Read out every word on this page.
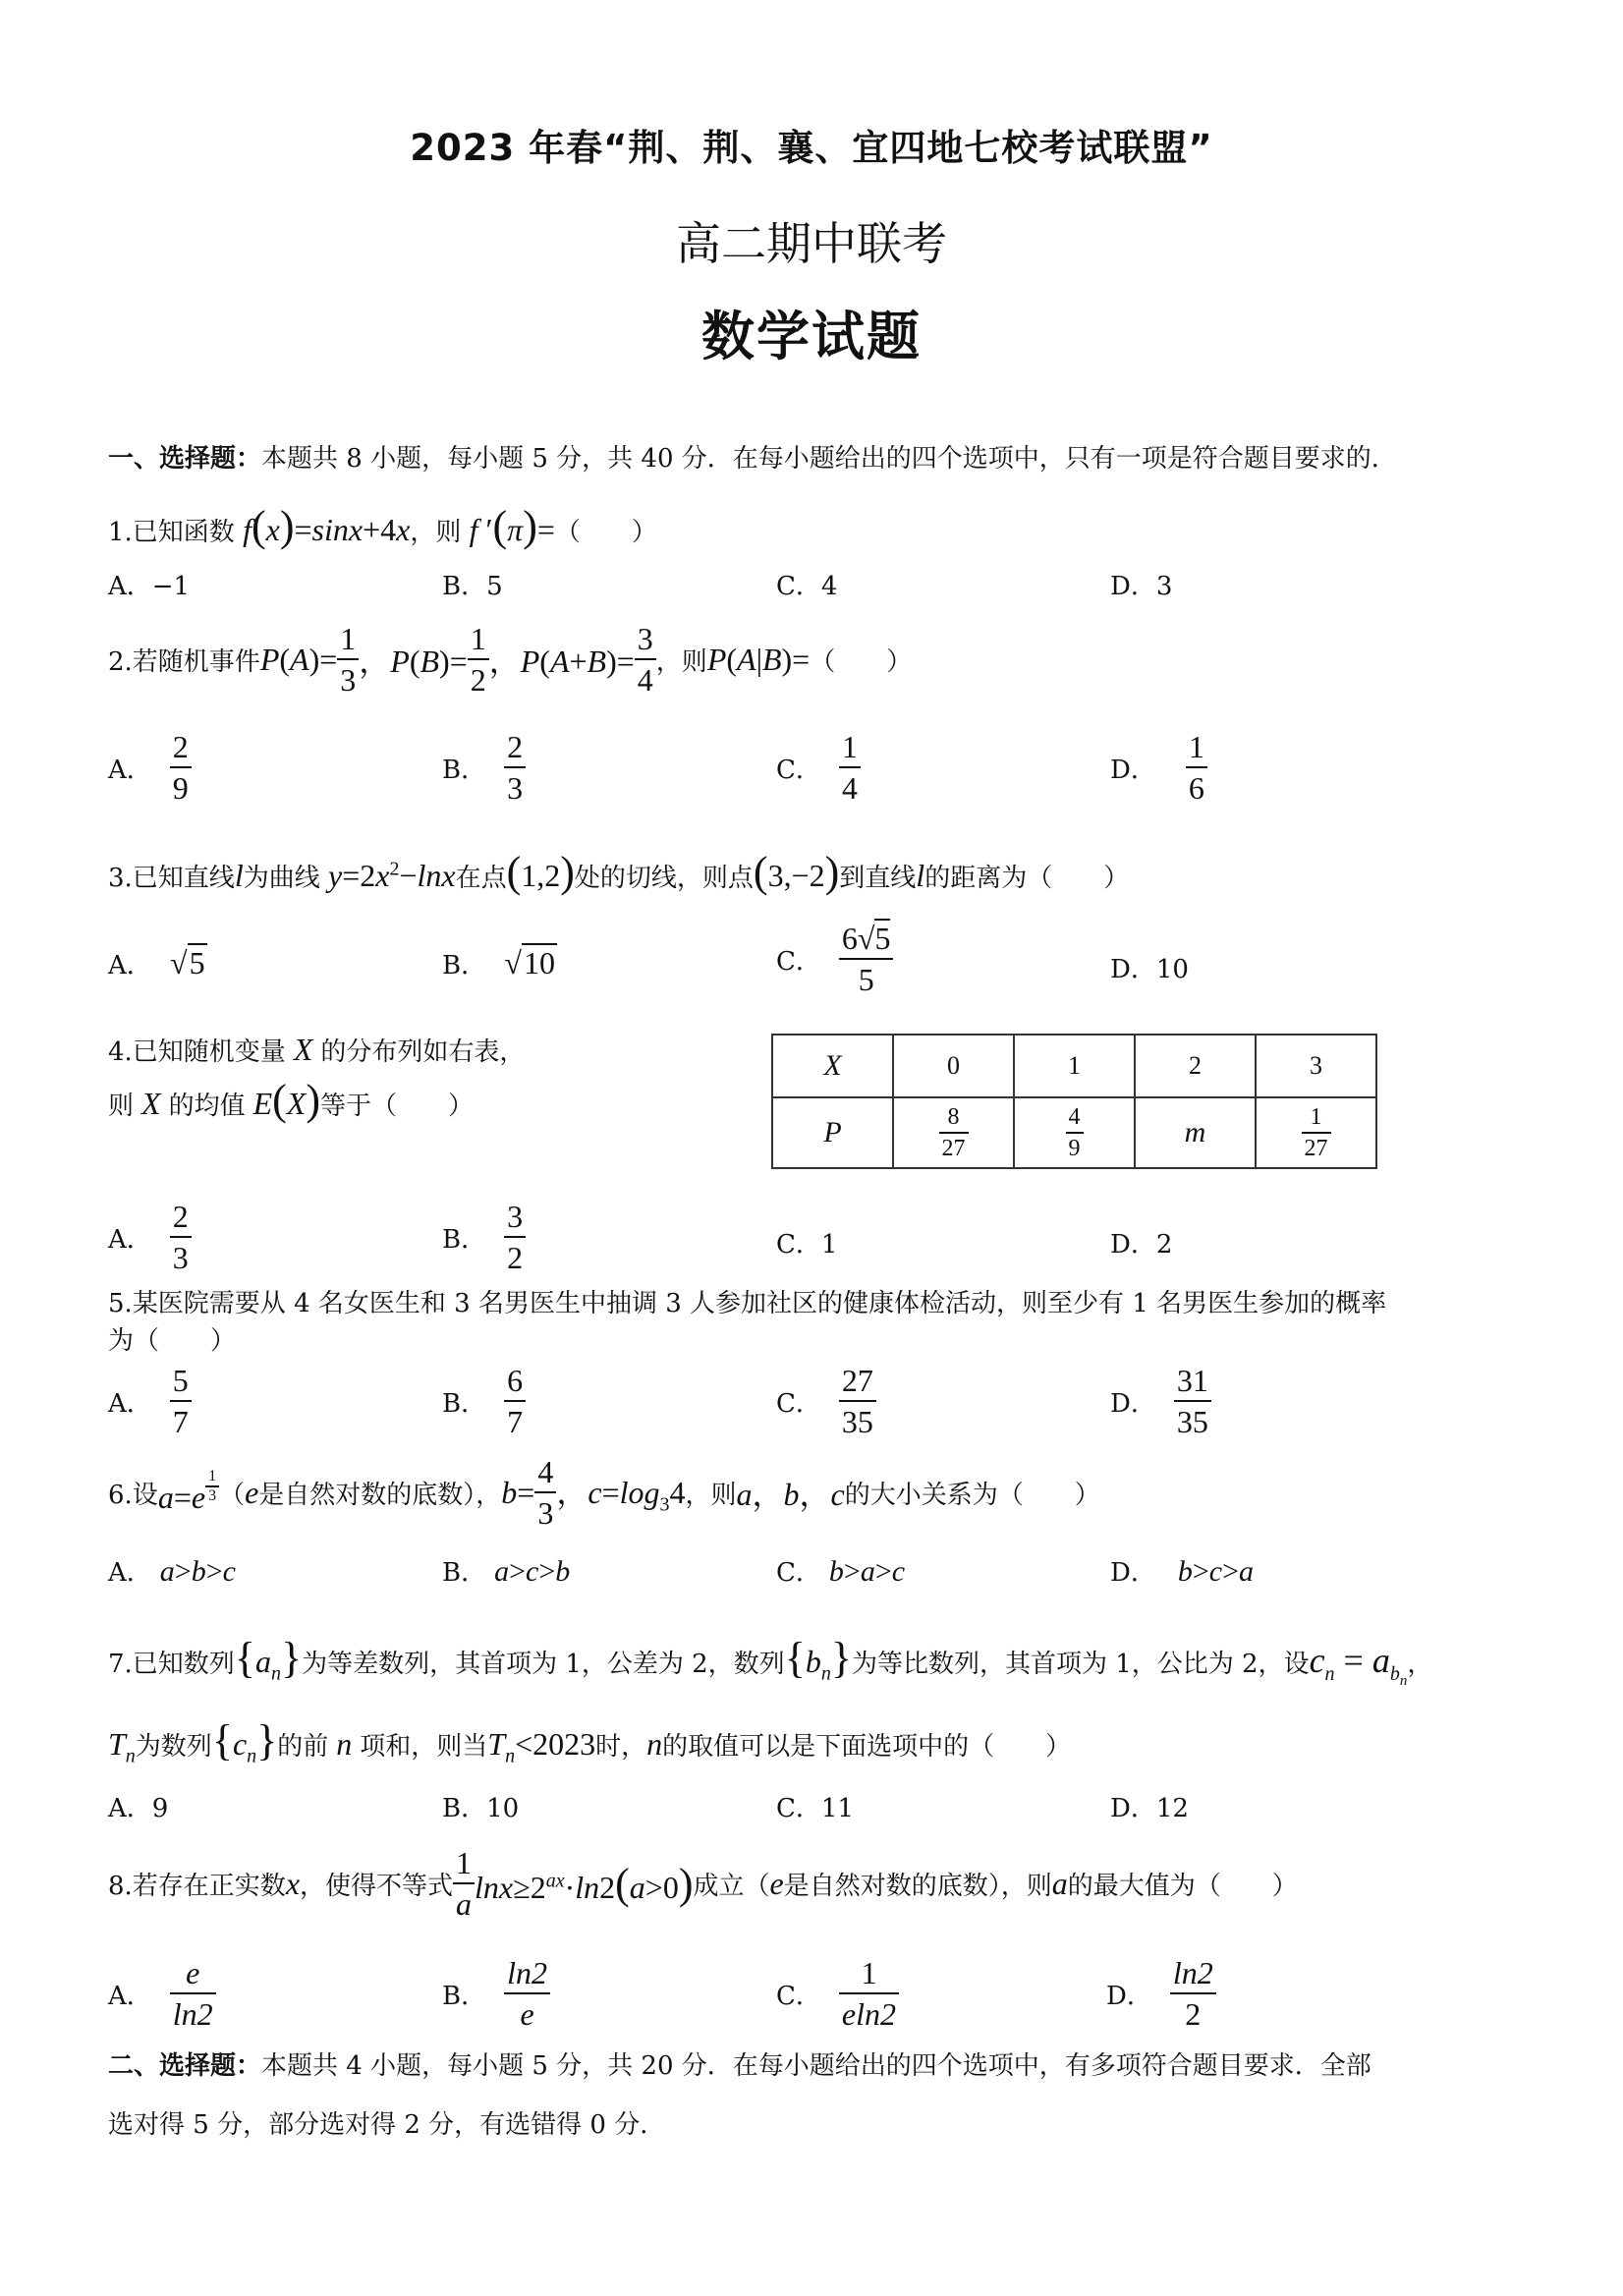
2023 年春“荆、荆、襄、宜四地七校考试联盟”
高二期中联考
数学试题
一、选择题：本题共 8 小题，每小题 5 分，共 40 分．在每小题给出的四个选项中，只有一项是符合题目要求的．
1.已知函数 f(x)=sinx+4x，则 f ′(π)=（　　）
A．−1	B．5	C．4	D．3
2.若随机事件 $P(A)= \frac{1}{3}$ ，$P(B)= \frac{1}{2}$ ，$P(A+B)= \frac{3}{4}$ ，则 P(A|B)= （　　）
A． $\frac{2}{9}$	B． $\frac{2}{3}$	C． $\frac{1}{4}$	D． $\frac{1}{6}$
3.已知直线l为曲线 $y=2x^2-\ln x$在点(1,2)处的切线，则点(3,−2)到直线l的距离为（　　）
A． √5	B． √10	C． $\frac{6√5}{5}$	D．10
4.已知随机变量 X 的分布列如右表，
则 X 的均值 E(X)等于（　　）
X	0	1	2	3
P	$\frac{8}{27}$	$\frac{4}{9}$	m	$\frac{1}{27}$
A． $\frac{2}{3}$	B． $\frac{3}{2}$	C．1	D．2
5.某医院需要从 4 名女医生和 3 名男医生中抽调 3 人参加社区的健康体检活动，则至少有 1 名男医生参加的概率
为（　　）
A． $\frac{5}{7}$	B． $\frac{6}{7}$	C． $\frac{27}{35}$	D． $\frac{31}{35}$
6.设 a=e $^{\frac{1}{3}}$ （ e 是自然对数的底数）， $b= \frac{4}{3}$ ，$c=\log_34$ ，则 a，b，c 的大小关系为（　　）
A． a>b>c	B． a>c>b	C． b>a>c	D． b>c>a
7.已知数列$\{a_n\}$为等差数列，其首项为 1，公差为 2，数列$\{b_n\}$为等比数列，其首项为 1，公比为 2，设$c_n = a_{b_n}$，
$T_n$为数列$\{c_n\}$的前 n 项和，则当$T_n<2023$时，n的取值可以是下面选项中的（　　）
A．9	B．10	C．11	D．12
8.若存在正实数 x ，使得不等式 $\frac{1}{a} \ln x\ge 2^{ax}\cdot\ln 2(a>0)$ 成立（ e 是自然对数的底数），则 a 的最大值为（　　）
A． $\frac{e}{\ln 2}$	B． $\frac{\ln 2}{e}$	C． $\frac{1}{eln2}$	D． $\frac{\ln 2}{2}$
二、选择题：本题共 4 小题，每小题 5 分，共 20 分．在每小题给出的四个选项中，有多项符合题目要求．全部
选对得 5 分，部分选对得 2 分，有选错得 0 分．
